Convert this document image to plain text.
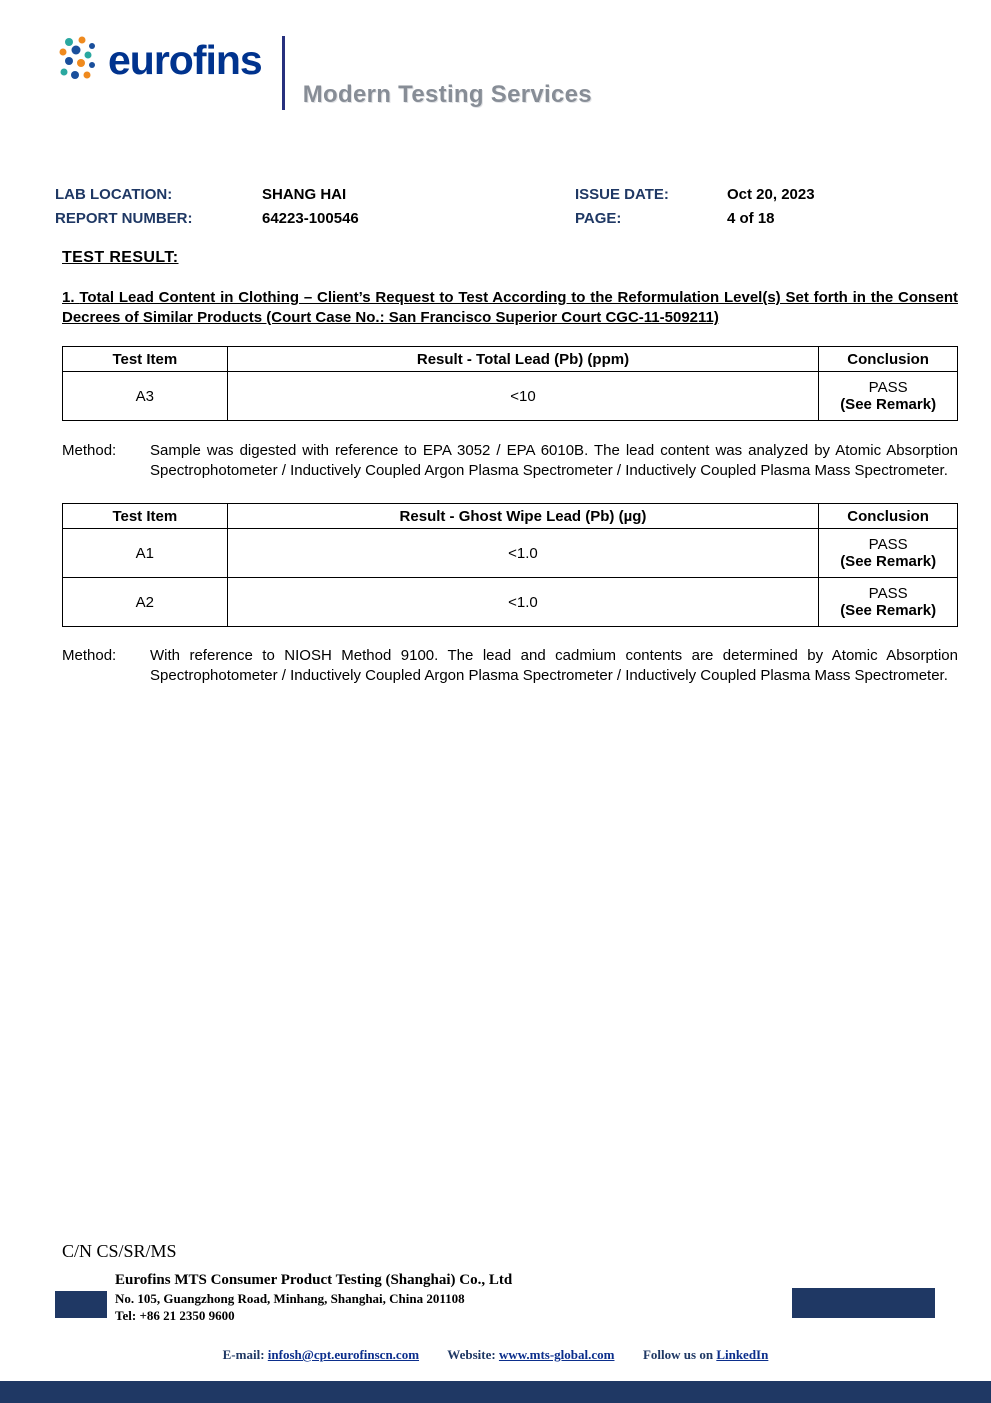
eurofins
Modern Testing Services
LAB LOCATION:	SHANG HAI	ISSUE DATE:	Oct 20, 2023
REPORT NUMBER:	64223-100546	PAGE:	4 of 18
TEST RESULT:
1. Total Lead Content in Clothing – Client’s Request to Test According to the Reformulation Level(s) Set forth in the Consent Decrees of Similar Products (Court Case No.: San Francisco Superior Court CGC-11-509211)
Test Item	Result - Total Lead (Pb) (ppm)	Conclusion
A3	<10	PASS
(See Remark)
Method:	Sample was digested with reference to EPA 3052 / EPA 6010B. The lead content was analyzed by Atomic Absorption Spectrophotometer / Inductively Coupled Argon Plasma Spectrometer / Inductively Coupled Plasma Mass Spectrometer.
Test Item	Result - Ghost Wipe Lead (Pb) (µg)	Conclusion
A1	<1.0	PASS
(See Remark)

A2	<1.0	PASS
(See Remark)
Method:	With reference to NIOSH Method 9100. The lead and cadmium contents are determined by Atomic Absorption Spectrophotometer / Inductively Coupled Argon Plasma Spectrometer / Inductively Coupled Plasma Mass Spectrometer.
C/N CS/SR/MS
Eurofins MTS Consumer Product Testing (Shanghai) Co., Ltd
No. 105, Guangzhong Road, Minhang, Shanghai, China 201108
Tel: +86 21 2350 9600
E-mail: infosh@cpt.eurofinscn.com Website: www.mts-global.com Follow us on LinkedIn
